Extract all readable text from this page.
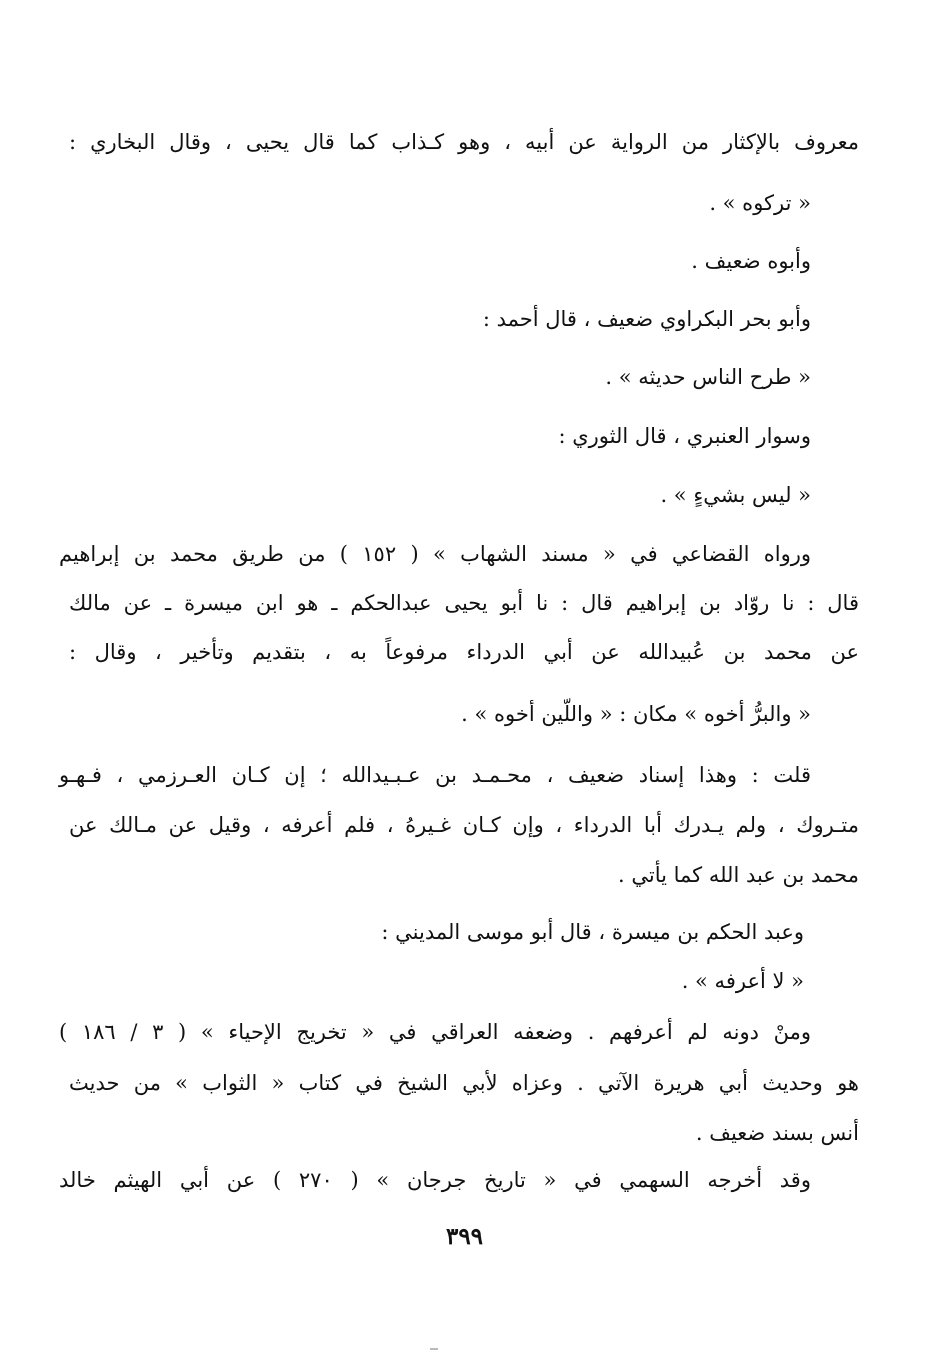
معروف بالإكثار من الرواية عن أبيه ، وهو كـذاب كما قال يحيى ، وقال البخاري :
« تركوه » .
وأبوه ضعيف .
وأبو بحر البكراوي ضعيف ، قال أحمد :
« طرح الناس حديثه » .
وسوار العنبري ، قال الثوري :
« ليس بشيءٍ » .
ورواه القضاعي في « مسند الشهاب » ( ١٥٢ ) من طريق محمد بن إبراهيم
قال : نا روّاد بن إبراهيم قال : نا أبو يحيى عبدالحكم ـ هو ابن ميسرة ـ عن مالك
عن محمد بن عُبيدالله عن أبي الدرداء مرفوعاً به ، بتقديم وتأخير ، وقال :
« والبرُّ أخوه » مكان : « واللّين أخوه » .
قلت : وهذا إسناد ضعيف ، محـمـد بن عـبـيدالله ؛ إن كـان العـرزمي ، فـهـو
متـروك ، ولم يـدرك أبا الدرداء ، وإن كـان غـيرهُ ، فلم أعرفه ، وقيل عن مـالك عن
محمد بن عبد الله كما يأتي .
وعبد الحكم بن ميسرة ، قال أبو موسى المديني :
« لا أعرفه » .
ومنْ دونه لم أعرفهم . وضعفه العراقي في « تخريج الإحياء » ( ٣ / ١٨٦ )
هو وحديث أبي هريرة الآتي . وعزاه لأبي الشيخ في كتاب « الثواب » من حديث
أنس بسند ضعيف .
وقد أخرجه السهمي في « تاريخ جرجان » ( ٢٧٠ ) عن أبي الهيثم خالد
٣٩٩
